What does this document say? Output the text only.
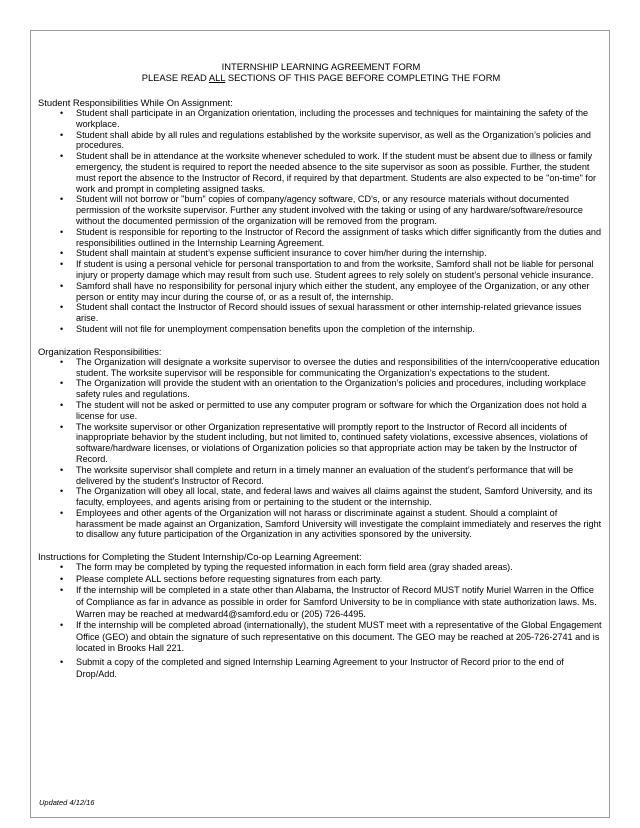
INTERNSHIP LEARNING AGREEMENT FORM
PLEASE READ ALL SECTIONS OF THIS PAGE BEFORE COMPLETING THE FORM

Student Responsibilities While On Assignment:

• Student shall participate in an Organization orientation, including the processes and techniques for maintaining the safety of the workplace.
• Student shall abide by all rules and regulations established by the worksite supervisor, as well as the Organization’s policies and procedures.
• Student shall be in attendance at the worksite whenever scheduled to work. If the student must be absent due to illness or family emergency, the student is required to report the needed absence to the site supervisor as soon as possible. Further, the student must report the absence to the Instructor of Record, if required by that department. Students are also expected to be "on-time" for work and prompt in completing assigned tasks.
• Student will not borrow or "burn" copies of company/agency software, CD's, or any resource materials without documented permission of the worksite supervisor. Further any student involved with the taking or using of any hardware/software/resource without the documented permission of the organization will be removed from the program.
• Student is responsible for reporting to the Instructor of Record the assignment of tasks which differ significantly from the duties and responsibilities outlined in the Internship Learning Agreement.
• Student shall maintain at student’s expense sufficient insurance to cover him/her during the internship.
• If student is using a personal vehicle for personal transportation to and from the worksite, Samford shall not be liable for personal injury or property damage which may result from such use. Student agrees to rely solely on student’s personal vehicle insurance.
• Samford shall have no responsibility for personal injury which either the student, any employee of the Organization, or any other person or entity may incur during the course of, or as a result of, the internship.
• Student shall contact the Instructor of Record should issues of sexual harassment or other internship-related grievance issues arise.
• Student will not file for unemployment compensation benefits upon the completion of the internship.

Organization Responsibilities:

• The Organization will designate a worksite supervisor to oversee the duties and responsibilities of the intern/cooperative education student. The worksite supervisor will be responsible for communicating the Organization’s expectations to the student.
• The Organization will provide the student with an orientation to the Organization’s policies and procedures, including workplace safety rules and regulations.
• The student will not be asked or permitted to use any computer program or software for which the Organization does not hold a license for use.
• The worksite supervisor or other Organization representative will promptly report to the Instructor of Record all incidents of inappropriate behavior by the student including, but not limited to, continued safety violations, excessive absences, violations of software/hardware licenses, or violations of Organization policies so that appropriate action may be taken by the Instructor of Record.
• The worksite supervisor shall complete and return in a timely manner an evaluation of the student’s performance that will be delivered by the student’s Instructor of Record.
• The Organization will obey all local, state, and federal laws and waives all claims against the student, Samford University, and its faculty, employees, and agents arising from or pertaining to the student or the internship.
• Employees and other agents of the Organization will not harass or discriminate against a student. Should a complaint of harassment be made against an Organization, Samford University will investigate the complaint immediately and reserves the right to disallow any future participation of the Organization in any activities sponsored by the university.

Instructions for Completing the Student Internship/Co-op Learning Agreement:

• The form may be completed by typing the requested information in each form field area (gray shaded areas).
• Please complete ALL sections before requesting signatures from each party.
• If the internship will be completed in a state other than Alabama, the Instructor of Record MUST notify Muriel Warren in the Office of Compliance as far in advance as possible in order for Samford University to be in compliance with state authorization laws. Ms. Warren may be reached at medward4@samford.edu or (205) 726-4495.
• If the internship will be completed abroad (internationally), the student MUST meet with a representative of the Global Engagement Office (GEO) and obtain the signature of such representative on this document. The GEO may be reached at 205-726-2741 and is located in Brooks Hall 221.
• Submit a copy of the completed and signed Internship Learning Agreement to your Instructor of Record prior to the end of Drop/Add.
Updated 4/12/16
